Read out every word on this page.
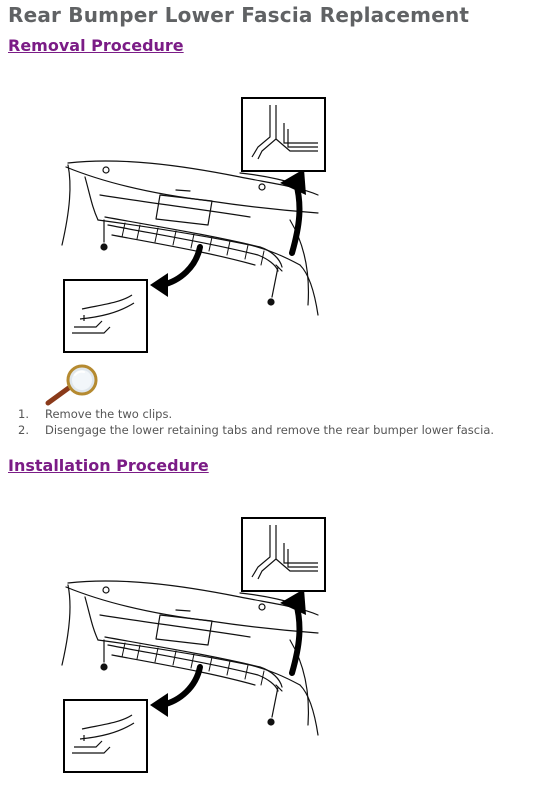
Rear Bumper Lower Fascia Replacement
Removal Procedure
1. Remove the two clips.
2. Disengage the lower retaining tabs and remove the rear bumper lower fascia.
Installation Procedure
